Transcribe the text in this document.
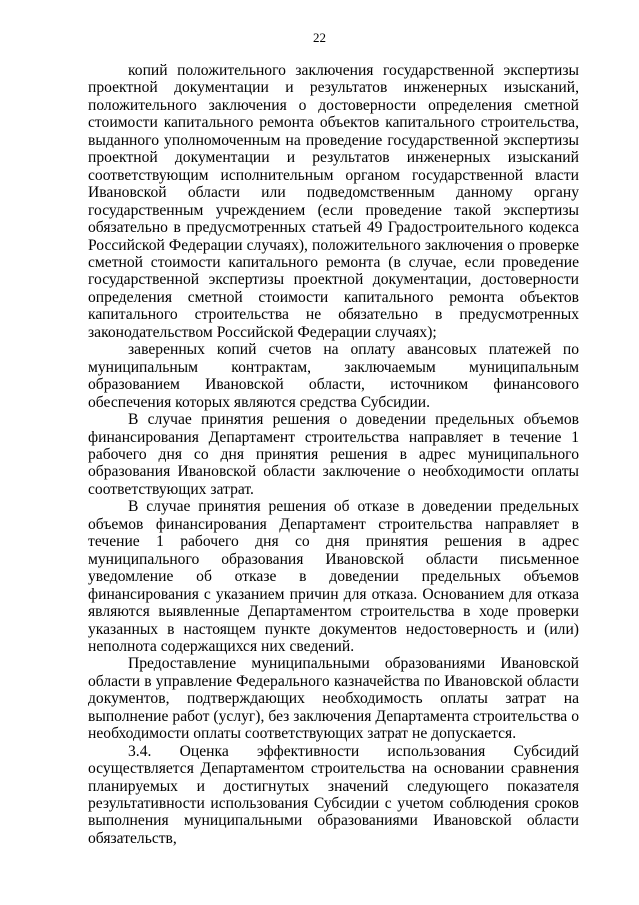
22

копий положительного заключения государственной экспертизы проектной документации и результатов инженерных изысканий, положительного заключения о достоверности определения сметной стоимости капитального ремонта объектов капитального строительства, выданного уполномоченным на проведение государственной экспертизы проектной документации и результатов инженерных изысканий соответствующим исполнительным органом государственной власти Ивановской области или подведомственным данному органу государственным учреждением (если проведение такой экспертизы обязательно в предусмотренных статьей 49 Градостроительного кодекса Российской Федерации случаях), положительного заключения о проверке сметной стоимости капитального ремонта (в случае, если проведение государственной экспертизы проектной документации, достоверности определения сметной стоимости капитального ремонта объектов капитального строительства не обязательно в предусмотренных законодательством Российской Федерации случаях);

заверенных копий счетов на оплату авансовых платежей по муниципальным контрактам, заключаемым муниципальным образованием Ивановской области, источником финансового обеспечения которых являются средства Субсидии.

В случае принятия решения о доведении предельных объемов финансирования Департамент строительства направляет в течение 1 рабочего дня со дня принятия решения в адрес муниципального образования Ивановской области заключение о необходимости оплаты соответствующих затрат.

В случае принятия решения об отказе в доведении предельных объемов финансирования Департамент строительства направляет в течение 1 рабочего дня со дня принятия решения в адрес муниципального образования Ивановской области письменное уведомление об отказе в доведении предельных объемов финансирования с указанием причин для отказа. Основанием для отказа являются выявленные Департаментом строительства в ходе проверки указанных в настоящем пункте документов недостоверность и (или) неполнота содержащихся них сведений.

Предоставление муниципальными образованиями Ивановской области в управление Федерального казначейства по Ивановской области документов, подтверждающих необходимость оплаты затрат на выполнение работ (услуг), без заключения Департамента строительства о необходимости оплаты соответствующих затрат не допускается.

3.4. Оценка эффективности использования Субсидий осуществляется Департаментом строительства на основании сравнения планируемых и достигнутых значений следующего показателя результативности использования Субсидии с учетом соблюдения сроков выполнения муниципальными образованиями Ивановской области обязательств,
